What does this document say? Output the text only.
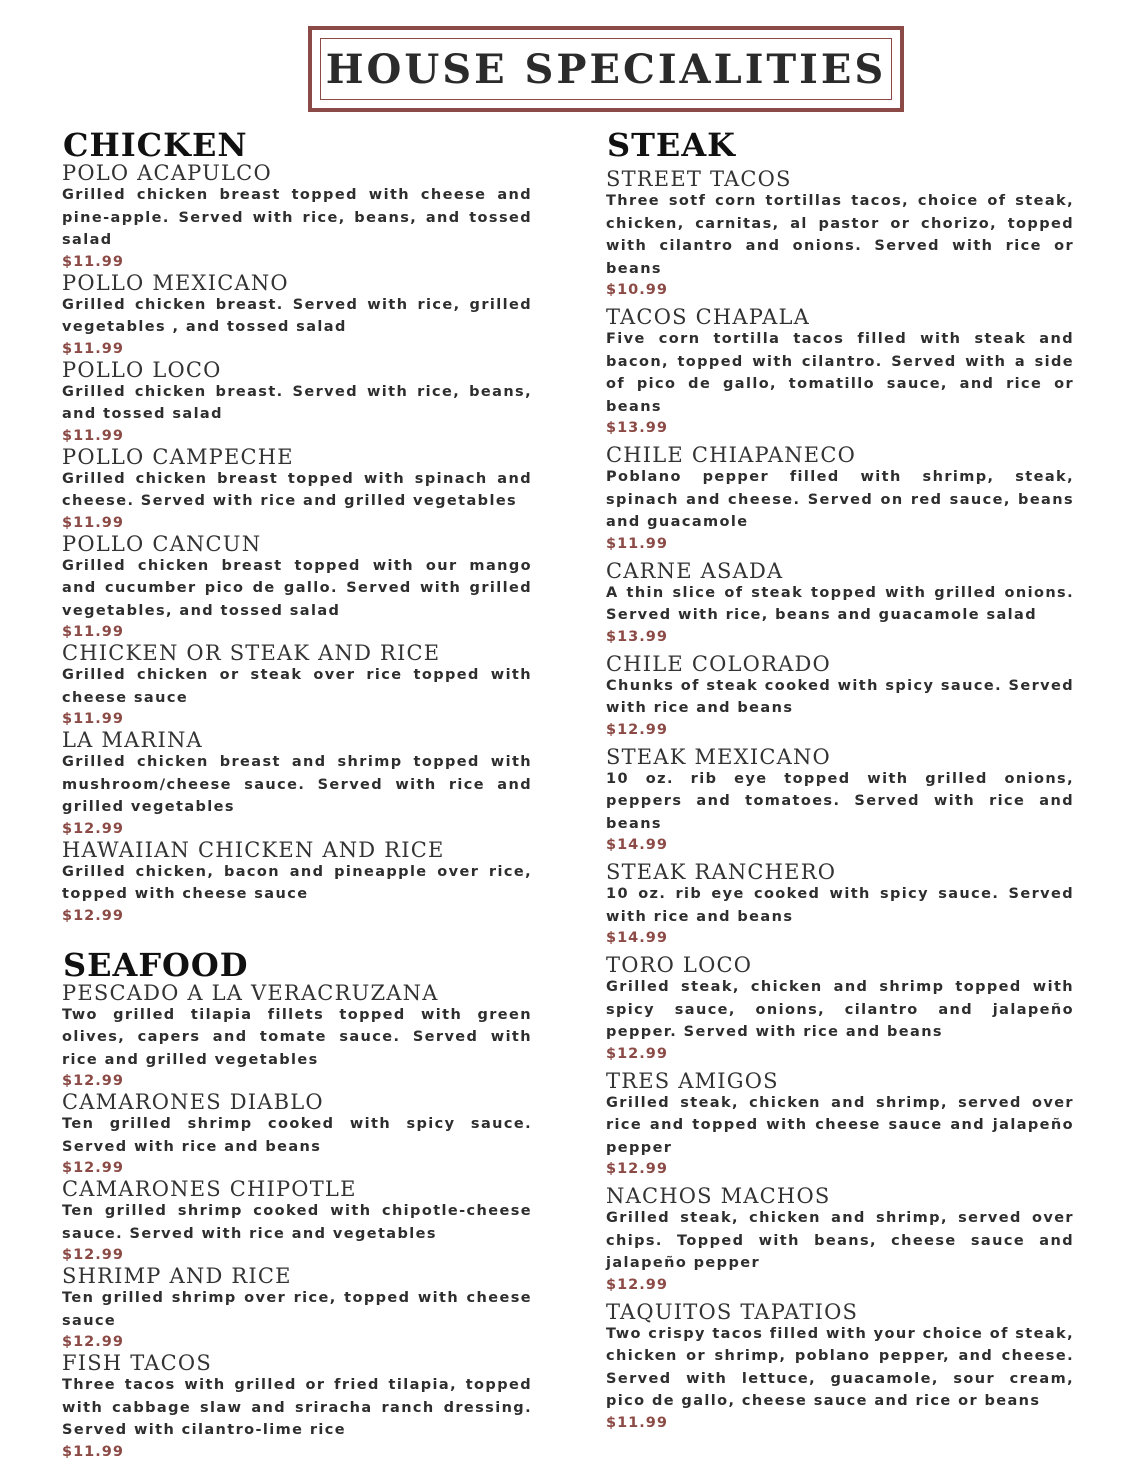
HOUSE SPECIALITIES
CHICKEN
POLO ACAPULCO
Grilled chicken breast topped with cheese and pine-apple. Served with rice, beans, and tossed salad
$11.99
POLLO MEXICANO
Grilled chicken breast. Served with rice, grilled vegetables , and tossed salad
$11.99
POLLO LOCO
Grilled chicken breast. Served with rice, beans, and tossed salad
$11.99
POLLO CAMPECHE
Grilled chicken breast topped with spinach and cheese. Served with rice and grilled vegetables
$11.99
POLLO CANCUN
Grilled chicken breast topped with our mango and cucumber pico de gallo. Served with grilled vegetables, and tossed salad
$11.99
CHICKEN OR STEAK AND RICE
Grilled chicken or steak over rice topped with cheese sauce
$11.99
LA MARINA
Grilled chicken breast and shrimp topped with mushroom/cheese sauce. Served with rice and grilled vegetables
$12.99
HAWAIIAN CHICKEN AND RICE
Grilled chicken, bacon and pineapple over rice, topped with cheese sauce
$12.99
SEAFOOD
PESCADO A LA VERACRUZANA
Two grilled tilapia fillets topped with green olives, capers and tomate sauce. Served with rice and grilled vegetables
$12.99
CAMARONES DIABLO
Ten grilled shrimp cooked with spicy sauce. Served with rice and beans
$12.99
CAMARONES CHIPOTLE
Ten grilled shrimp cooked with chipotle-cheese sauce. Served with rice and vegetables
$12.99
SHRIMP AND RICE
Ten grilled shrimp over rice, topped with cheese sauce
$12.99
FISH TACOS
Three tacos with grilled or fried tilapia, topped with cabbage slaw and sriracha ranch dressing. Served with cilantro-lime rice
$11.99
STEAK
STREET TACOS
Three sotf corn tortillas tacos, choice of steak, chicken, carnitas, al pastor or chorizo, topped with cilantro and onions. Served with rice or beans
$10.99
TACOS CHAPALA
Five corn tortilla tacos filled with steak and bacon, topped with cilantro. Served with a side of pico de gallo, tomatillo sauce, and rice or beans
$13.99
CHILE CHIAPANECO
Poblano pepper filled with shrimp, steak, spinach and cheese. Served on red sauce, beans and guacamole
$11.99
CARNE ASADA
A thin slice of steak topped with grilled onions. Served with rice, beans and guacamole salad
$13.99
CHILE COLORADO
Chunks of steak cooked with spicy sauce. Served with rice and beans
$12.99
STEAK MEXICANO
10 oz. rib eye topped with grilled onions, peppers and tomatoes. Served with rice and beans
$14.99
STEAK RANCHERO
10 oz. rib eye cooked with spicy sauce. Served with rice and beans
$14.99
TORO LOCO
Grilled steak, chicken and shrimp topped with spicy sauce, onions, cilantro and jalapeño pepper. Served with rice and beans
$12.99
TRES AMIGOS
Grilled steak, chicken and shrimp, served over rice and topped with cheese sauce and jalapeño pepper
$12.99
NACHOS MACHOS
Grilled steak, chicken and shrimp, served over chips. Topped with beans, cheese sauce and jalapeño pepper
$12.99
TAQUITOS TAPATIOS
Two crispy tacos filled with your choice of steak, chicken or shrimp, poblano pepper, and cheese. Served with lettuce, guacamole, sour cream, pico de gallo, cheese sauce and rice or beans
$11.99
